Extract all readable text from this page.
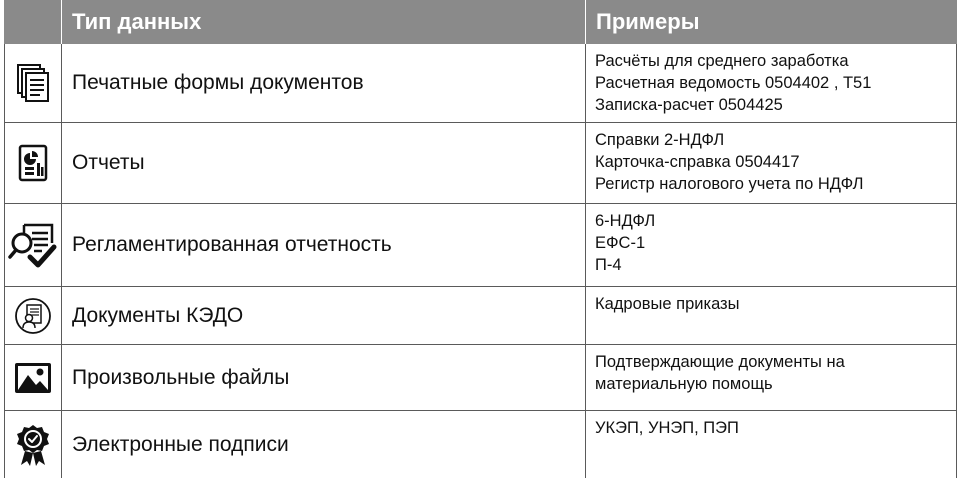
Тип данных	Примеры
Печатные формы документов
Расчёты для среднего заработка
Расчетная ведомость 0504402 , Т51
Записка-расчет 0504425
Отчеты
Справки 2-НДФЛ
Карточка-справка 0504417
Регистр налогового учета по НДФЛ
Регламентированная отчетность
6-НДФЛ
ЕФС-1
П-4
Документы КЭДО	Кадровые приказы
Произвольные файлы
Подтверждающие документы на
материальную помощь
Электронные подписи
УКЭП, УНЭП, ПЭП
